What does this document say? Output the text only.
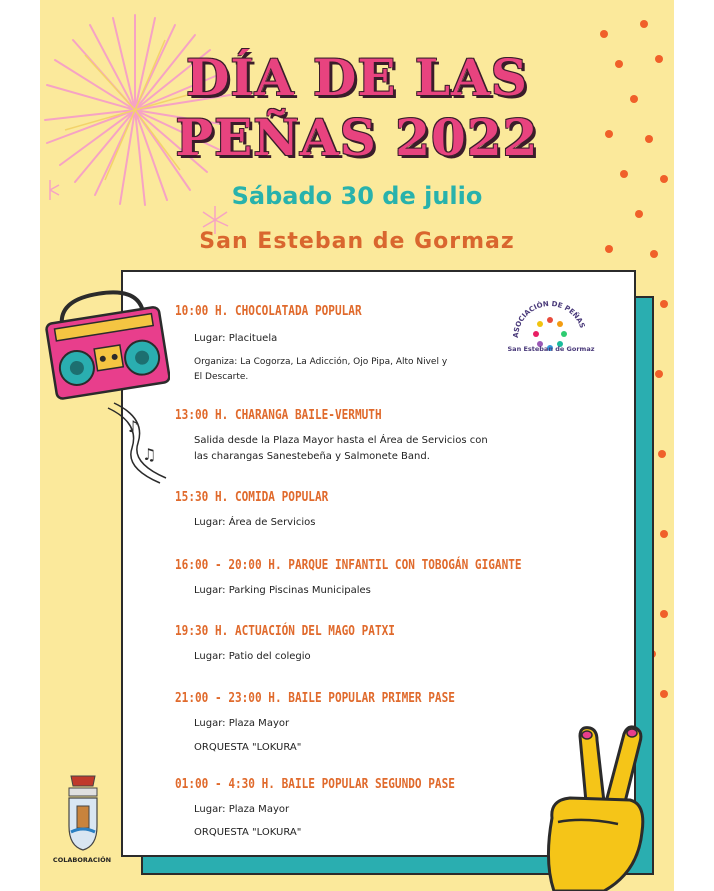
DÍA DE LAS
PEÑAS 2022
Sábado 30 de julio
San Esteban de Gormaz
ASOCIACIÓN DE PEÑAS
San Esteban de Gormaz
10:00 H. CHOCOLATADA POPULAR
Lugar: Placituela
Organiza: La Cogorza, La Adicción, Ojo Pipa, Alto Nivel y
El Descarte.
13:00 H. CHARANGA BAILE-VERMUTH
Salida desde la Plaza Mayor hasta el Área de Servicios con
las charangas Sanestebeña y Salmonete Band.
15:30 H. COMIDA POPULAR
Lugar: Área de Servicios
16:00 - 20:00 H. PARQUE INFANTIL CON TOBOGÁN GIGANTE
Lugar: Parking Piscinas Municipales
19:30 H. ACTUACIÓN DEL MAGO PATXI
Lugar: Patio del colegio
21:00 - 23:00 H. BAILE POPULAR PRIMER PASE
Lugar: Plaza Mayor
ORQUESTA "LOKURA"
01:00 - 4:30 H. BAILE POPULAR SEGUNDO PASE
Lugar: Plaza Mayor
ORQUESTA "LOKURA"
♪
♫
COLABORACIÓN
